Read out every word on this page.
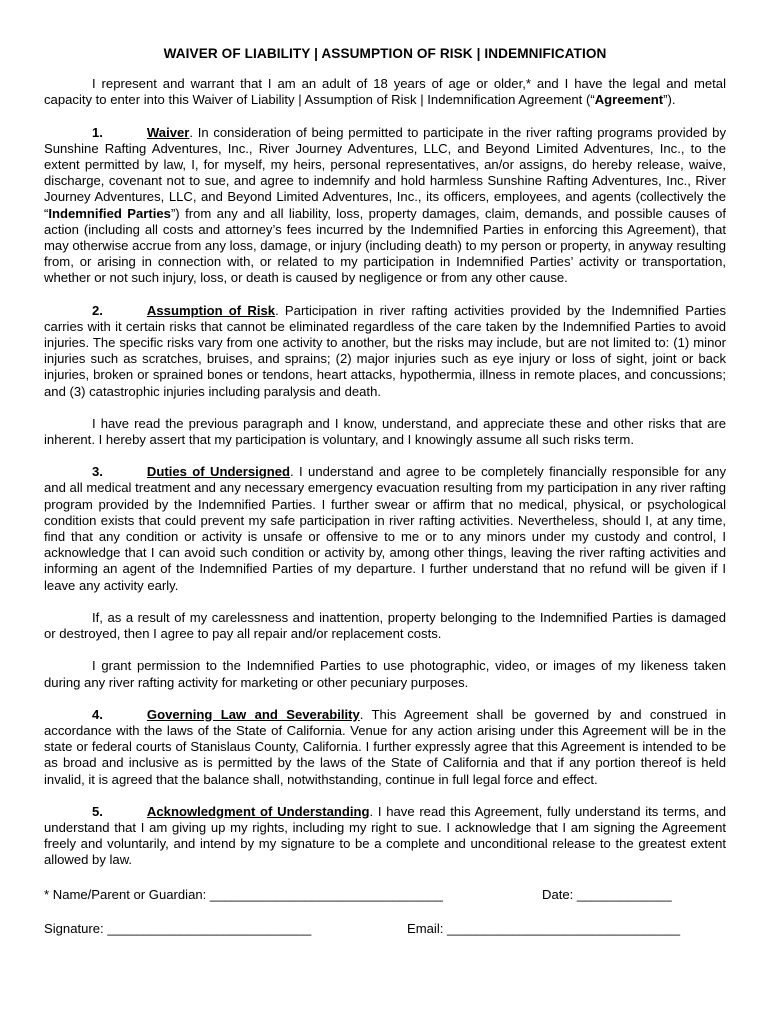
WAIVER OF LIABILITY | ASSUMPTION OF RISK | INDEMNIFICATION

I represent and warrant that I am an adult of 18 years of age or older,* and I have the legal and metal capacity to enter into this Waiver of Liability | Assumption of Risk | Indemnification Agreement (“Agreement”).

1.	Waiver. In consideration of being permitted to participate in the river rafting programs provided by Sunshine Rafting Adventures, Inc., River Journey Adventures, LLC, and Beyond Limited Adventures, Inc., to the extent permitted by law, I, for myself, my heirs, personal representatives, an/or assigns, do hereby release, waive, discharge, covenant not to sue, and agree to indemnify and hold harmless Sunshine Rafting Adventures, Inc., River Journey Adventures, LLC, and Beyond Limited Adventures, Inc., its officers, employees, and agents (collectively the “Indemnified Parties”) from any and all liability, loss, property damages, claim, demands, and possible causes of action (including all costs and attorney’s fees incurred by the Indemnified Parties in enforcing this Agreement), that may otherwise accrue from any loss, damage, or injury (including death) to my person or property, in anyway resulting from, or arising in connection with, or related to my participation in Indemnified Parties’ activity or transportation, whether or not such injury, loss, or death is caused by negligence or from any other cause.

2.	Assumption of Risk. Participation in river rafting activities provided by the Indemnified Parties carries with it certain risks that cannot be eliminated regardless of the care taken by the Indemnified Parties to avoid injuries. The specific risks vary from one activity to another, but the risks may include, but are not limited to: (1) minor injuries such as scratches, bruises, and sprains; (2) major injuries such as eye injury or loss of sight, joint or back injuries, broken or sprained bones or tendons, heart attacks, hypothermia, illness in remote places, and concussions; and (3) catastrophic injuries including paralysis and death.

I have read the previous paragraph and I know, understand, and appreciate these and other risks that are inherent. I hereby assert that my participation is voluntary, and I knowingly assume all such risks term.

3.	Duties of Undersigned. I understand and agree to be completely financially responsible for any and all medical treatment and any necessary emergency evacuation resulting from my participation in any river rafting program provided by the Indemnified Parties. I further swear or affirm that no medical, physical, or psychological condition exists that could prevent my safe participation in river rafting activities. Nevertheless, should I, at any time, find that any condition or activity is unsafe or offensive to me or to any minors under my custody and control, I acknowledge that I can avoid such condition or activity by, among other things, leaving the river rafting activities and informing an agent of the Indemnified Parties of my departure. I further understand that no refund will be given if I leave any activity early.

If, as a result of my carelessness and inattention, property belonging to the Indemnified Parties is damaged or destroyed, then I agree to pay all repair and/or replacement costs.

I grant permission to the Indemnified Parties to use photographic, video, or images of my likeness taken during any river rafting activity for marketing or other pecuniary purposes.

4.	Governing Law and Severability. This Agreement shall be governed by and construed in accordance with the laws of the State of California. Venue for any action arising under this Agreement will be in the state or federal courts of Stanislaus County, California. I further expressly agree that this Agreement is intended to be as broad and inclusive as is permitted by the laws of the State of California and that if any portion thereof is held invalid, it is agreed that the balance shall, notwithstanding, continue in full legal force and effect.

5.	Acknowledgment of Understanding. I have read this Agreement, fully understand its terms, and understand that I am giving up my rights, including my right to sue. I acknowledge that I am signing the Agreement freely and voluntarily, and intend by my signature to be a complete and unconditional release to the greatest extent allowed by law.

* Name/Parent or Guardian: ________________________________	Date: _____________
Signature: ____________________________	Email: ________________________________
